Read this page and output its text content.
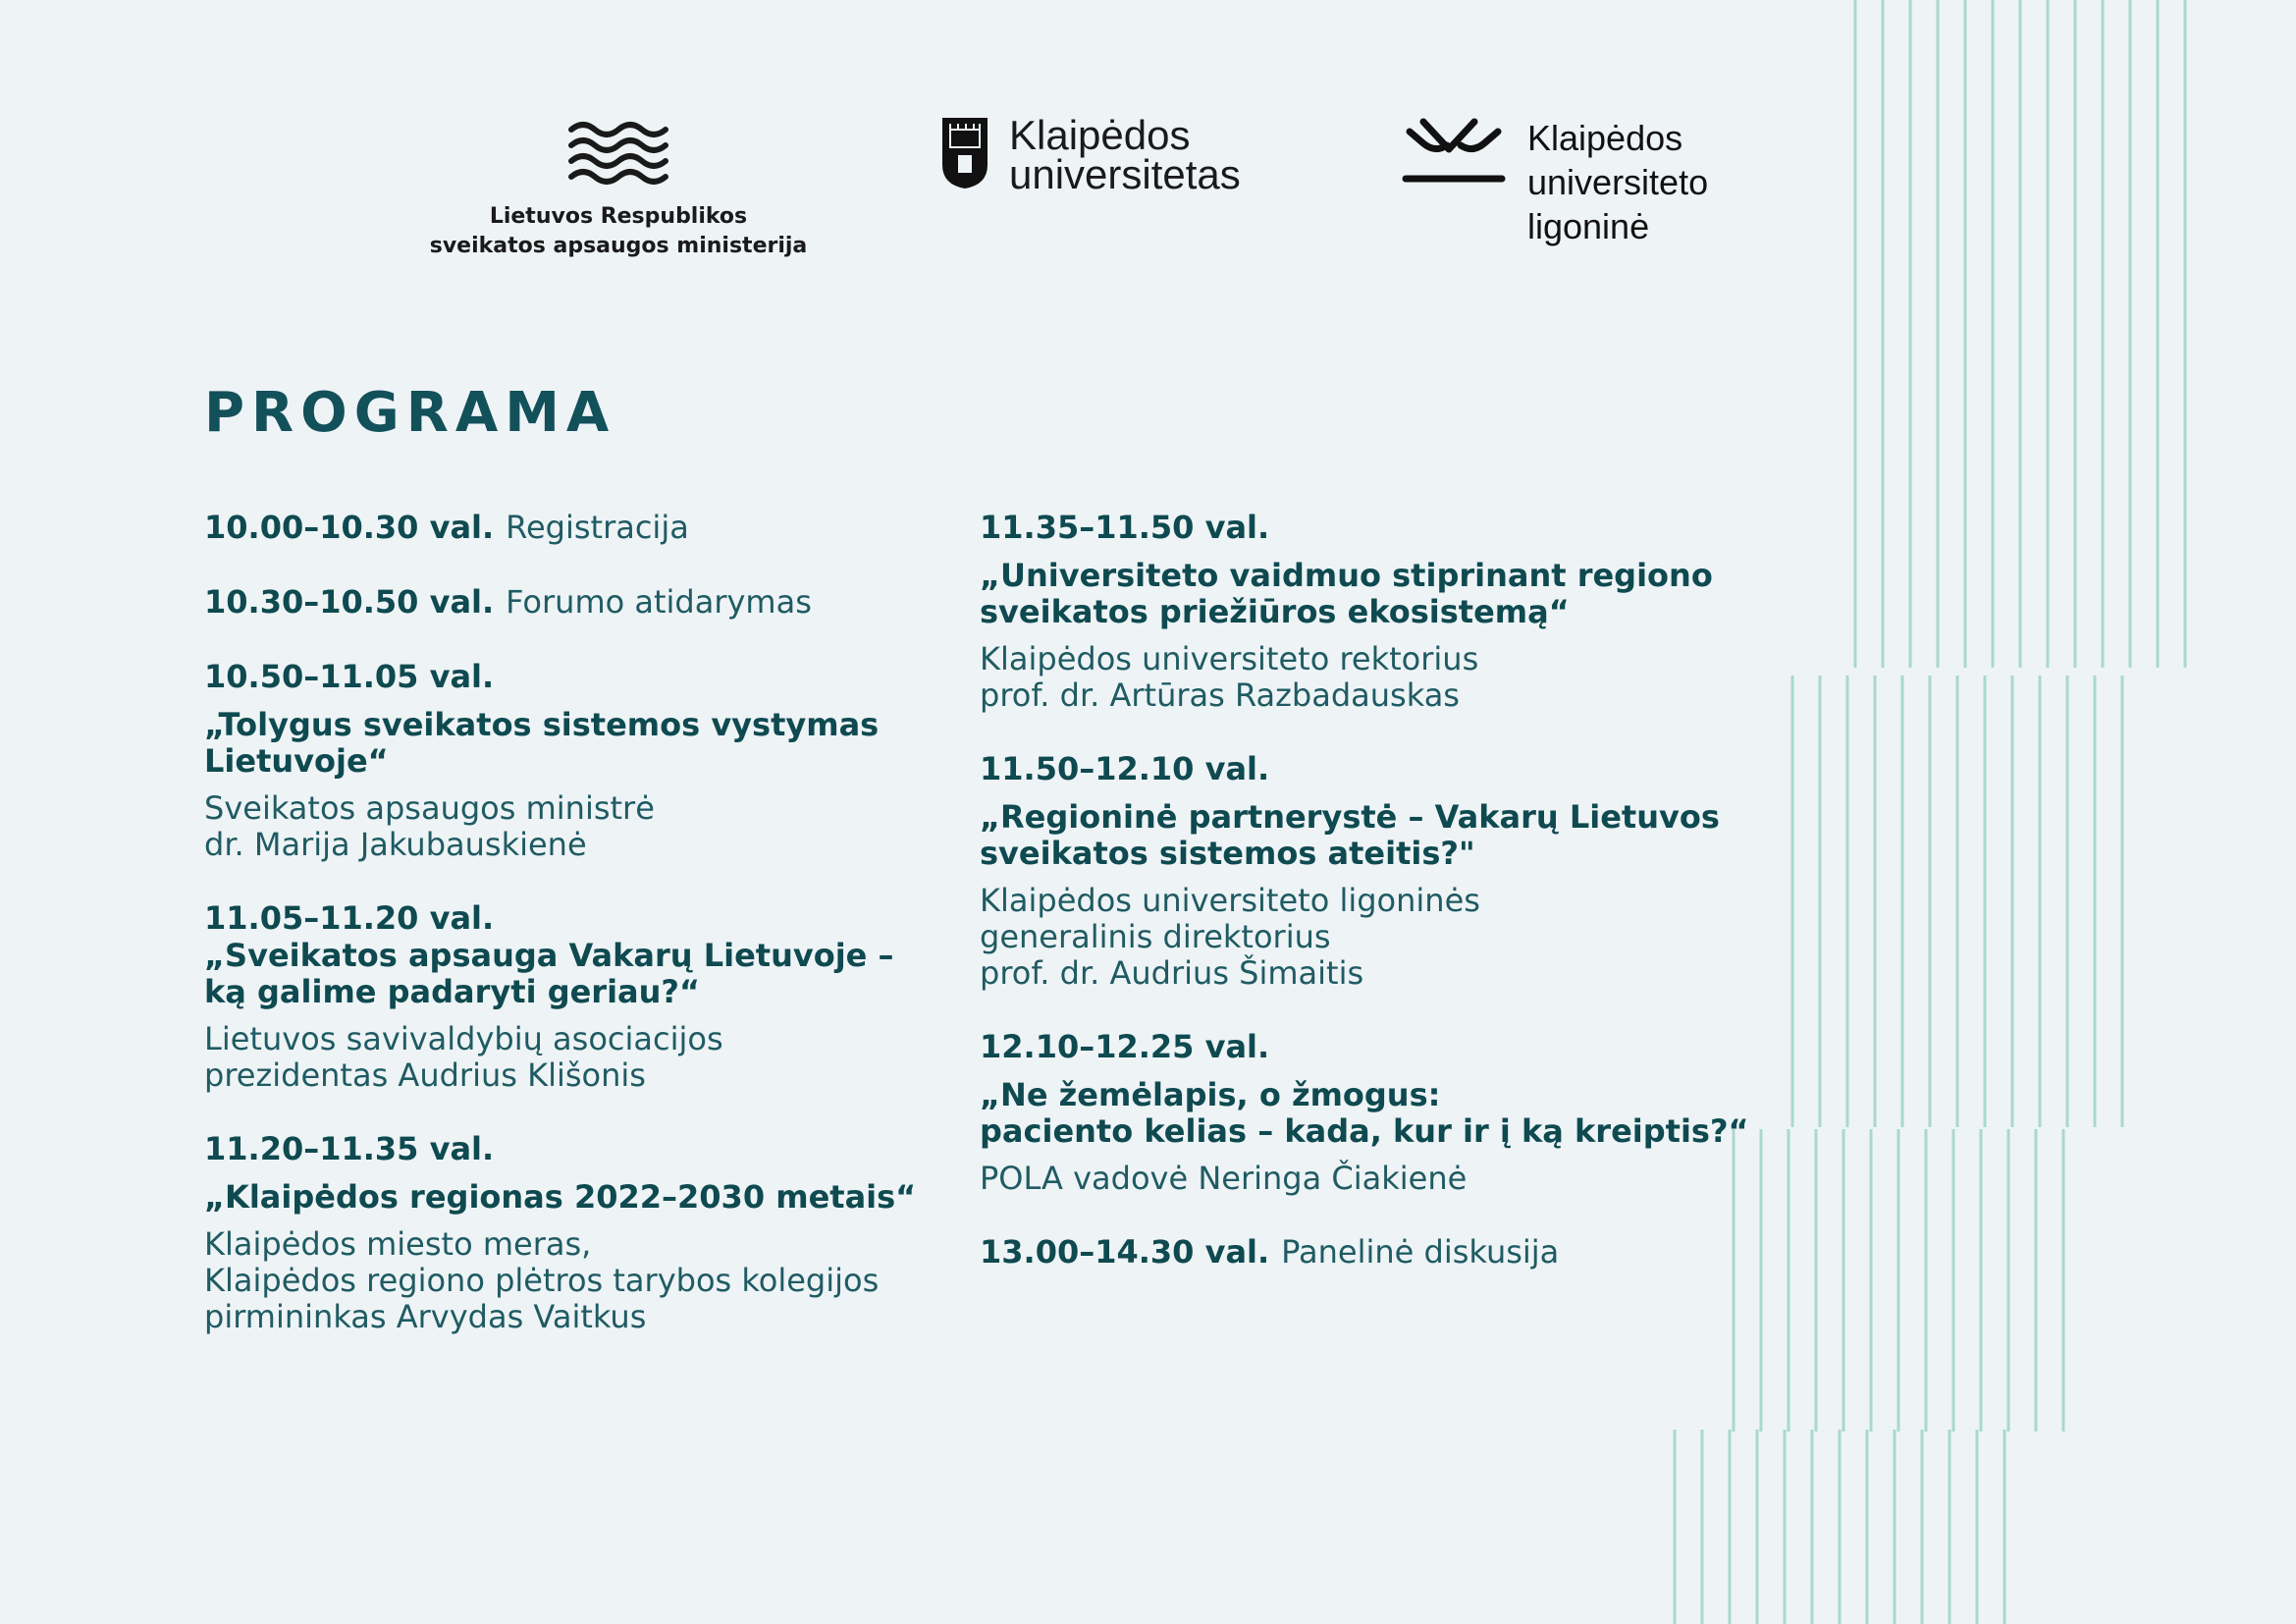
Lietuvos Respublikos
sveikatos apsaugos ministerija
Klaipėdos
universitetas
Klaipėdos
universiteto
ligoninė
PROGRAMA
10.00–10.30 val. Registracija
10.30–10.50 val. Forumo atidarymas
10.50–11.05 val.
„Tolygus sveikatos sistemos vystymas
Lietuvoje“
Sveikatos apsaugos ministrė
dr. Marija Jakubauskienė
11.05–11.20 val.
„Sveikatos apsauga Vakarų Lietuvoje –
ką galime padaryti geriau?“
Lietuvos savivaldybių asociacijos
prezidentas Audrius Klišonis
11.20–11.35 val.
„Klaipėdos regionas 2022–2030 metais“
Klaipėdos miesto meras,
Klaipėdos regiono plėtros tarybos kolegijos
pirmininkas Arvydas Vaitkus
11.35–11.50 val.
„Universiteto vaidmuo stiprinant regiono
sveikatos priežiūros ekosistemą“
Klaipėdos universiteto rektorius
prof. dr. Artūras Razbadauskas
11.50–12.10 val.
„Regioninė partnerystė – Vakarų Lietuvos
sveikatos sistemos ateitis?"
Klaipėdos universiteto ligoninės
generalinis direktorius
prof. dr. Audrius Šimaitis
12.10–12.25 val.
„Ne žemėlapis, o žmogus:
paciento kelias – kada, kur ir į ką kreiptis?“
POLA vadovė Neringa Čiakienė
13.00–14.30 val. Panelinė diskusija
